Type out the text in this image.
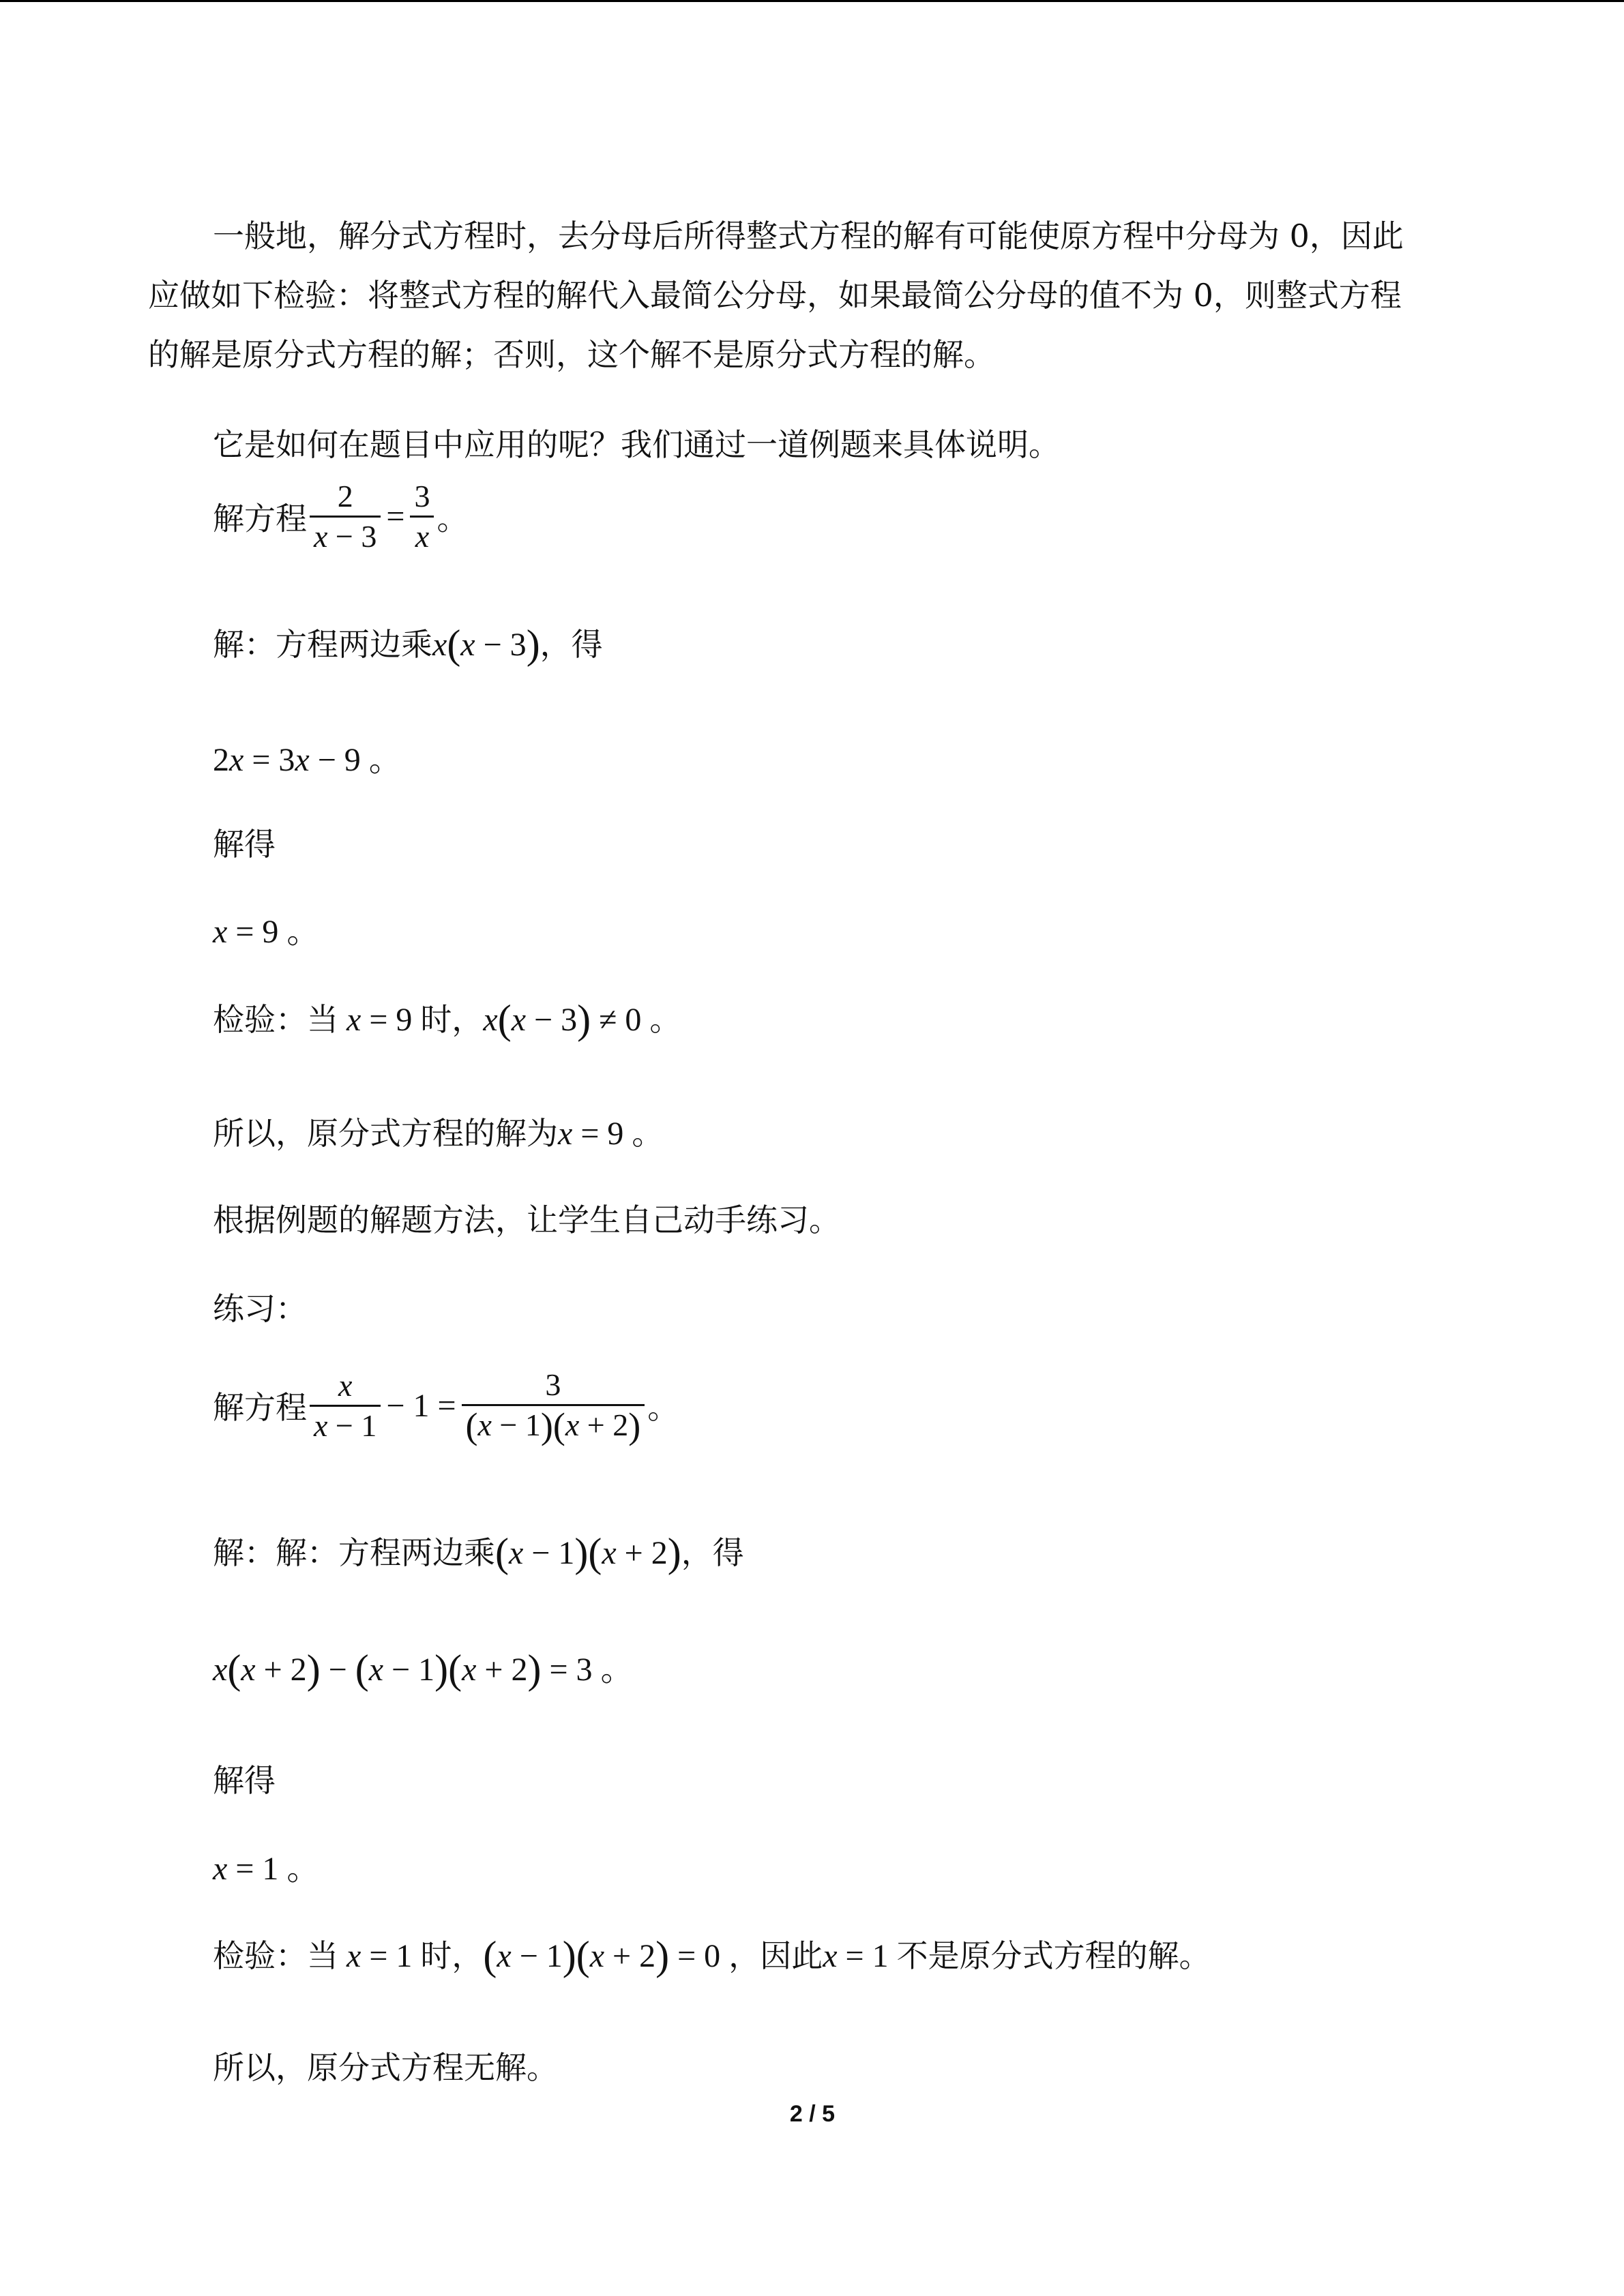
一般地，解分式方程时，去分母后所得整式方程的解有可能使原方程中分母为 0，因此
应做如下检验：将整式方程的解代入最简公分母，如果最简公分母的值不为 0，则整式方程
的解是原分式方程的解；否则，这个解不是原分式方程的解。
它是如何在题目中应用的呢？我们通过一道例题来具体说明。
解方程 $\frac{2}{x - 3} = \frac{3}{x}$ 。
解：方程两边乘x(x − 3)，得
2x = 3x − 9 。
解得
x = 9 。
检验：当 x = 9 时，x(x − 3) ≠ 0 。
所以，原分式方程的解为x = 9 。
根据例题的解题方法，让学生自己动手练习。
练习：
解方程 $\frac{x}{x - 1} - 1 = \frac{3}{(x - 1)(x + 2)}$ 。
解：解：方程两边乘(x − 1)(x + 2)，得
x(x + 2) − (x − 1)(x + 2) = 3 。
解得
x = 1 。
检验：当 x = 1 时，(x − 1)(x + 2) = 0 ，因此x = 1 不是原分式方程的解。
所以，原分式方程无解。
2 / 5
